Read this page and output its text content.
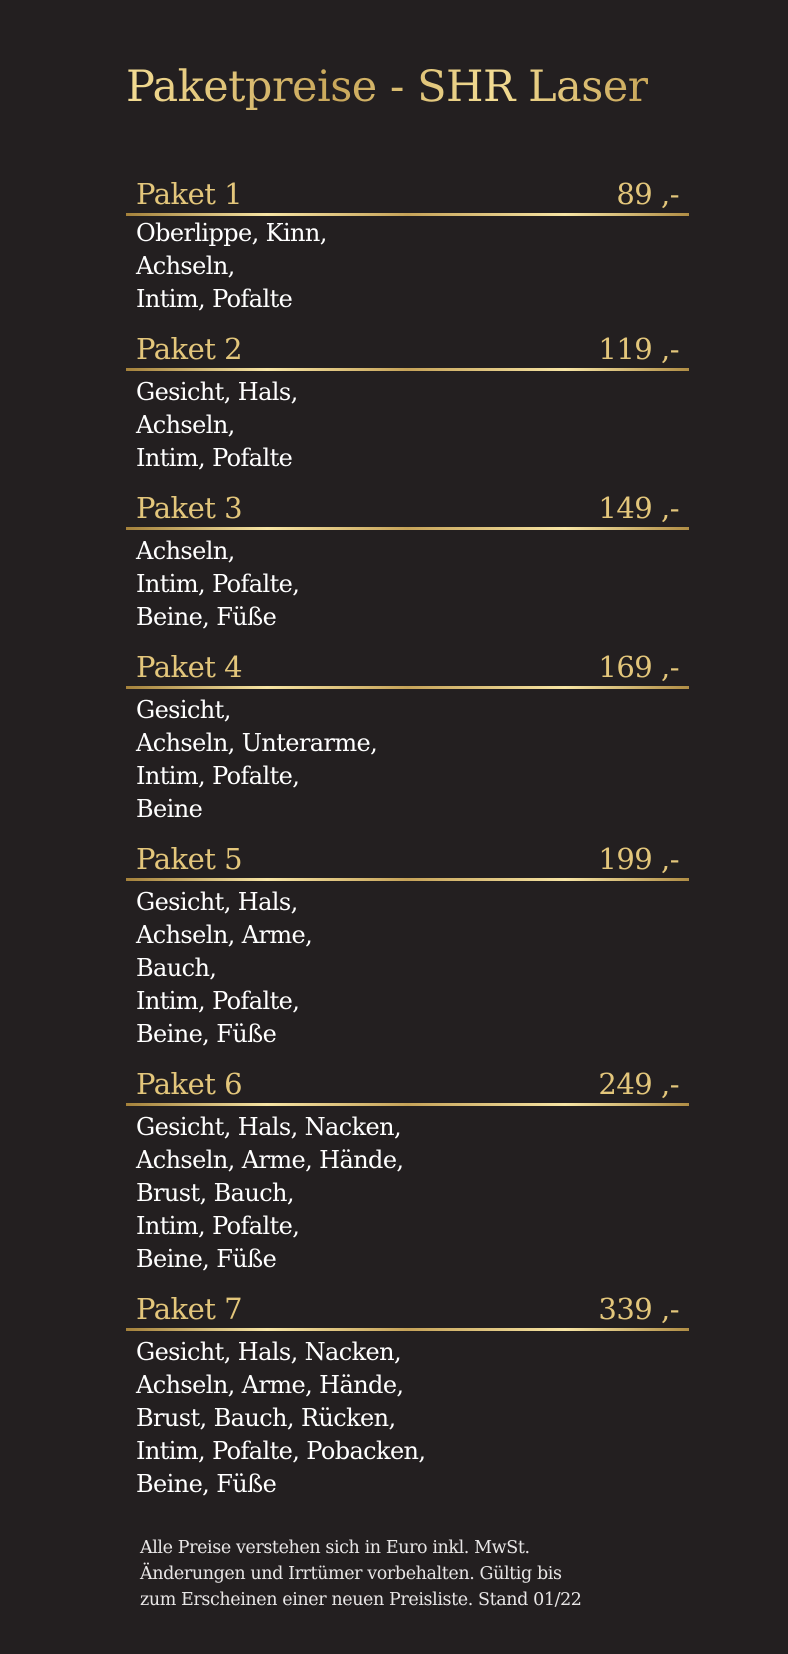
Paketpreise - SHR Laser
Paket 1	89 ,-
Oberlippe, Kinn,
Achseln,
Intim, Pofalte
Paket 2	119 ,-
Gesicht, Hals,
Achseln,
Intim, Pofalte
Paket 3	149 ,-
Achseln,
Intim, Pofalte,
Beine, Füße
Paket 4	169 ,-
Gesicht,
Achseln, Unterarme,
Intim, Pofalte,
Beine
Paket 5	199 ,-
Gesicht, Hals,
Achseln, Arme,
Bauch,
Intim, Pofalte,
Beine, Füße
Paket 6	249 ,-
Gesicht, Hals, Nacken,
Achseln, Arme, Hände,
Brust, Bauch,
Intim, Pofalte,
Beine, Füße
Paket 7	339 ,-
Gesicht, Hals, Nacken,
Achseln, Arme, Hände,
Brust, Bauch, Rücken,
Intim, Pofalte, Pobacken,
Beine, Füße
Alle Preise verstehen sich in Euro inkl. MwSt.
Änderungen und Irrtümer vorbehalten. Gültig bis
zum Erscheinen einer neuen Preisliste. Stand 01/22
